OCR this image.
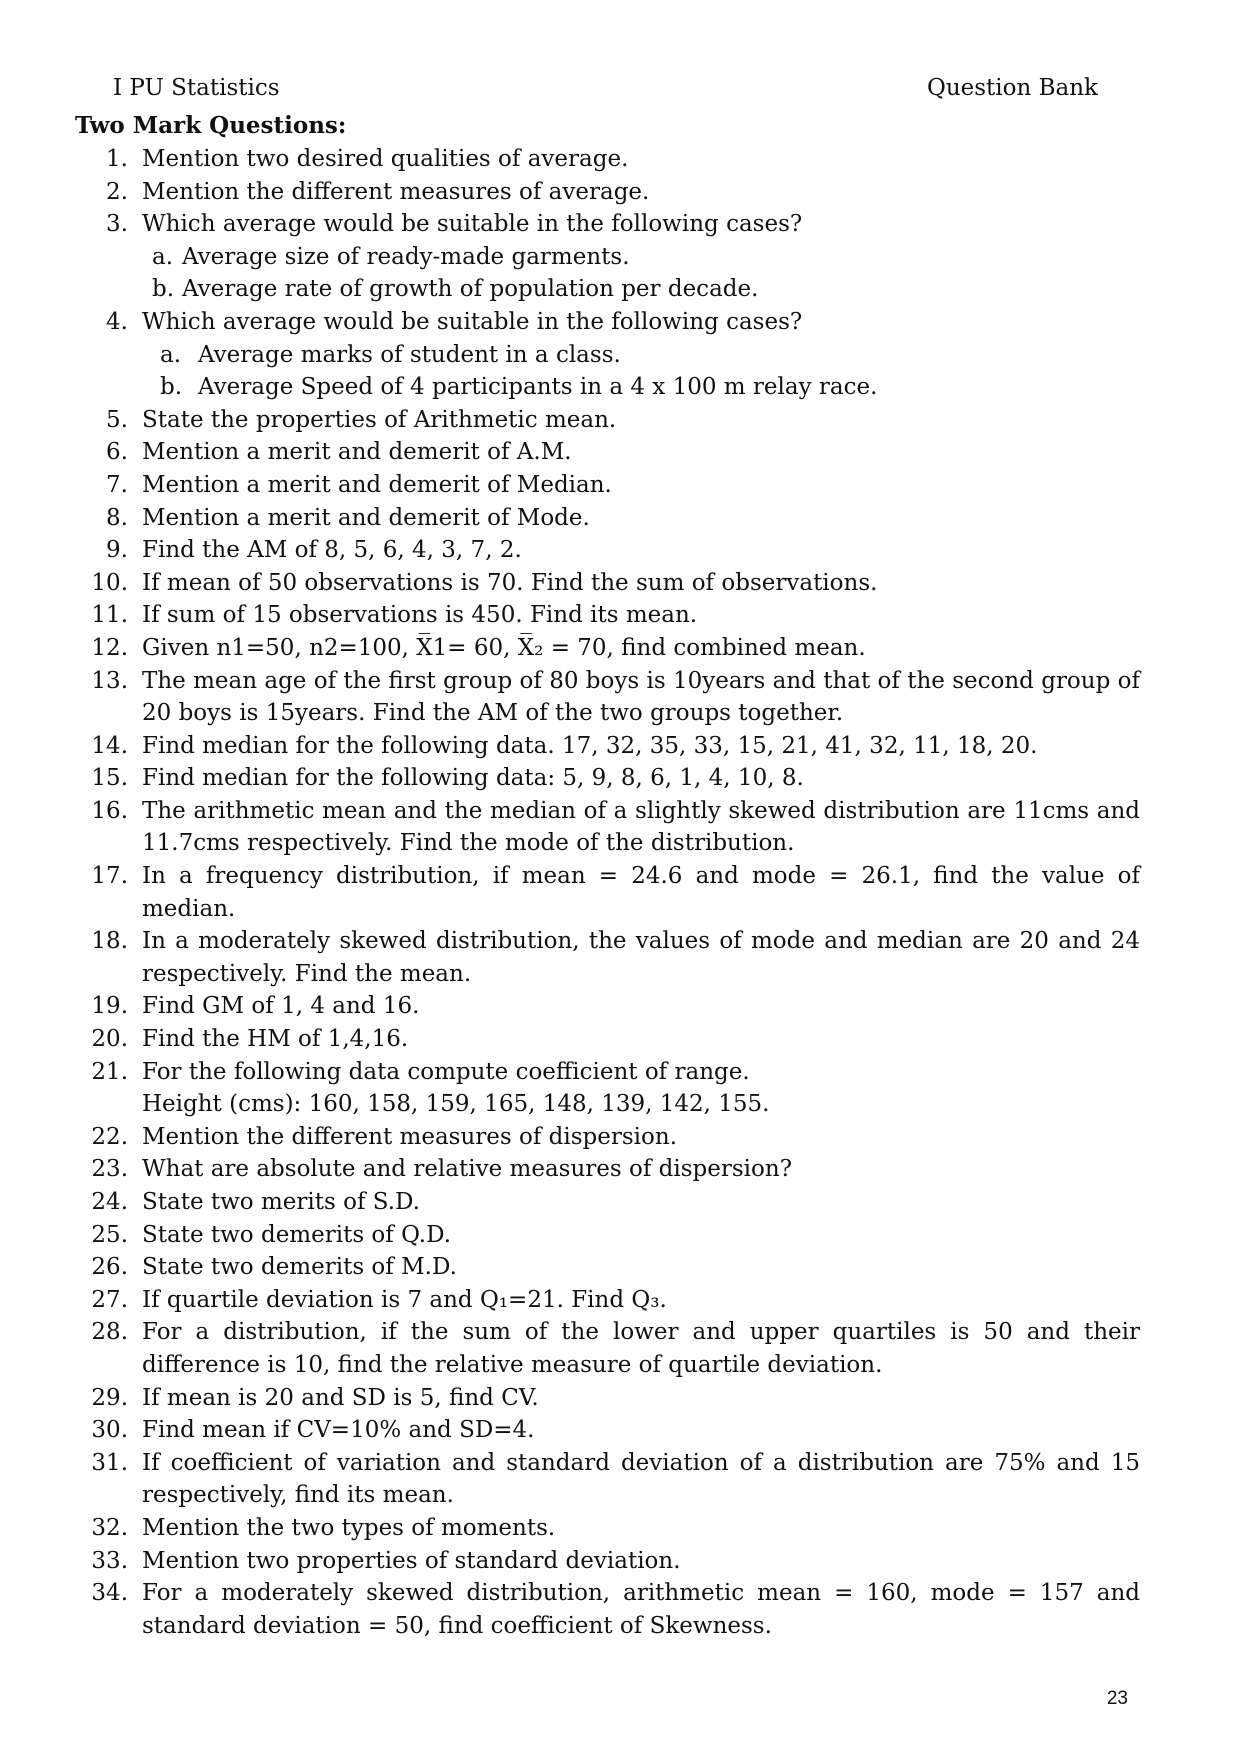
I PU Statistics	Question Bank
Two Mark Questions:
1. Mention two desired qualities of average.
2. Mention the different measures of average.
3. Which average would be suitable in the following cases?
a. Average size of ready-made garments.
b. Average rate of growth of population per decade.
4. Which average would be suitable in the following cases?
a. Average marks of student in a class.
b. Average Speed of 4 participants in a 4 x 100 m relay race.
5. State the properties of Arithmetic mean.
6. Mention a merit and demerit of A.M.
7. Mention a merit and demerit of Median.
8. Mention a merit and demerit of Mode.
9. Find the AM of 8, 5, 6, 4, 3, 7, 2.
10. If mean of 50 observations is 70. Find the sum of observations.
11. If sum of 15 observations is 450. Find its mean.
12. Given n1=50, n2=100, X̅1= 60, X̅₂ = 70, find combined mean.
13. The mean age of the first group of 80 boys is 10years and that of the second group of 20 boys is 15years. Find the AM of the two groups together.
14. Find median for the following data. 17, 32, 35, 33, 15, 21, 41, 32, 11, 18, 20.
15. Find median for the following data: 5, 9, 8, 6, 1, 4, 10, 8.
16. The arithmetic mean and the median of a slightly skewed distribution are 11cms and 11.7cms respectively. Find the mode of the distribution.
17. In a frequency distribution, if mean = 24.6 and mode = 26.1, find the value of median.
18. In a moderately skewed distribution, the values of mode and median are 20 and 24 respectively. Find the mean.
19. Find GM of 1, 4 and 16.
20. Find the HM of 1,4,16.
21. For the following data compute coefficient of range.
Height (cms): 160, 158, 159, 165, 148, 139, 142, 155.
22. Mention the different measures of dispersion.
23. What are absolute and relative measures of dispersion?
24. State two merits of S.D.
25. State two demerits of Q.D.
26. State two demerits of M.D.
27. If quartile deviation is 7 and Q₁=21. Find Q₃.
28. For a distribution, if the sum of the lower and upper quartiles is 50 and their difference is 10, find the relative measure of quartile deviation.
29. If mean is 20 and SD is 5, find CV.
30. Find mean if CV=10% and SD=4.
31. If coefficient of variation and standard deviation of a distribution are 75% and 15 respectively, find its mean.
32. Mention the two types of moments.
33. Mention two properties of standard deviation.
34. For a moderately skewed distribution, arithmetic mean = 160, mode = 157 and standard deviation = 50, find coefficient of Skewness.
23
